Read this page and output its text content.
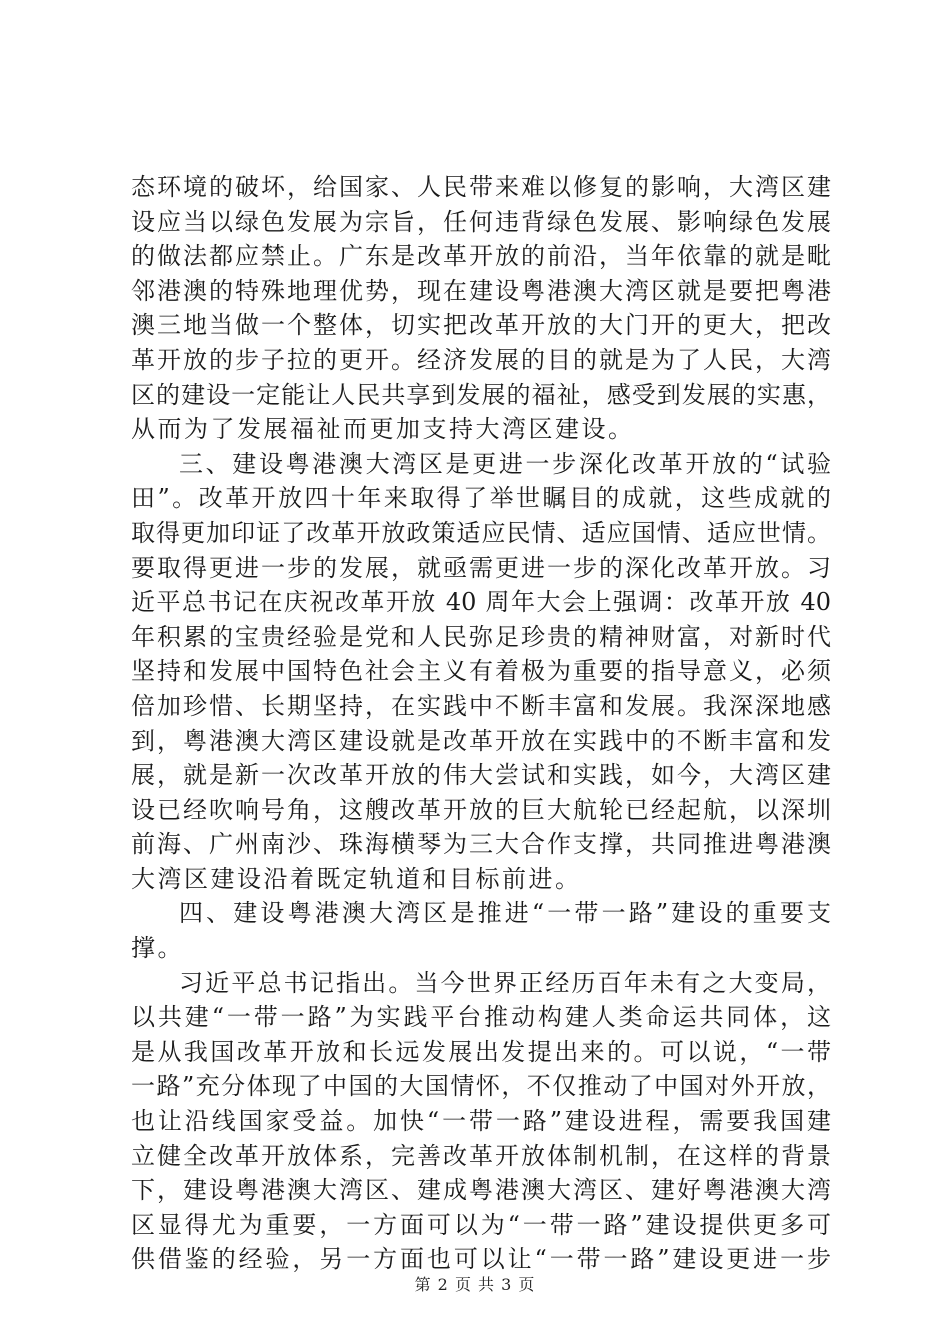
态环境的破坏，给国家、人民带来难以修复的影响，大湾区建
设应当以绿色发展为宗旨，任何违背绿色发展、影响绿色发展
的做法都应禁止。广东是改革开放的前沿，当年依靠的就是毗
邻港澳的特殊地理优势，现在建设粤港澳大湾区就是要把粤港
澳三地当做一个整体，切实把改革开放的大门开的更大，把改
革开放的步子拉的更开。经济发展的目的就是为了人民，大湾
区的建设一定能让人民共享到发展的福祉，感受到发展的实惠，
从而为了发展福祉而更加支持大湾区建设。
三、建设粤港澳大湾区是更进一步深化改革开放的“试验
田”。改革开放四十年来取得了举世瞩目的成就，这些成就的
取得更加印证了改革开放政策适应民情、适应国情、适应世情。
要取得更进一步的发展，就亟需更进一步的深化改革开放。习
近平总书记在庆祝改革开放 40 周年大会上强调：改革开放 40
年积累的宝贵经验是党和人民弥足珍贵的精神财富，对新时代
坚持和发展中国特色社会主义有着极为重要的指导意义，必须
倍加珍惜、长期坚持，在实践中不断丰富和发展。我深深地感
到，粤港澳大湾区建设就是改革开放在实践中的不断丰富和发
展，就是新一次改革开放的伟大尝试和实践，如今，大湾区建
设已经吹响号角，这艘改革开放的巨大航轮已经起航，以深圳
前海、广州南沙、珠海横琴为三大合作支撑，共同推进粤港澳
大湾区建设沿着既定轨道和目标前进。
四、建设粤港澳大湾区是推进“一带一路”建设的重要支
撑。
习近平总书记指出。当今世界正经历百年未有之大变局，
以共建“一带一路”为实践平台推动构建人类命运共同体，这
是从我国改革开放和长远发展出发提出来的。可以说，“一带
一路”充分体现了中国的大国情怀，不仅推动了中国对外开放，
也让沿线国家受益。加快“一带一路”建设进程，需要我国建
立健全改革开放体系，完善改革开放体制机制，在这样的背景
下，建设粤港澳大湾区、建成粤港澳大湾区、建好粤港澳大湾
区显得尤为重要，一方面可以为“一带一路”建设提供更多可
供借鉴的经验，另一方面也可以让“一带一路”建设更进一步
第 2 页 共 3 页
